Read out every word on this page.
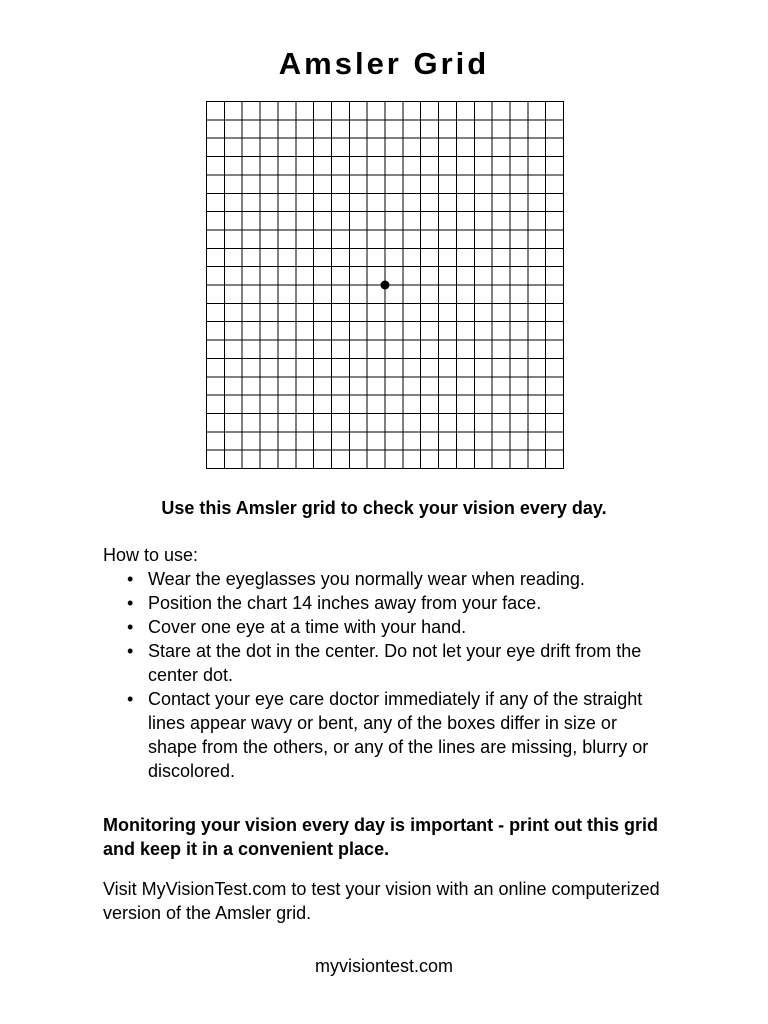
Amsler Grid

Use this Amsler grid to check your vision every day.

How to use:

• Wear the eyeglasses you normally wear when reading.
• Position the chart 14 inches away from your face.
• Cover one eye at a time with your hand.
• Stare at the dot in the center. Do not let your eye drift from the center dot.
• Contact your eye care doctor immediately if any of the straight lines appear wavy or bent, any of the boxes differ in size or shape from the others, or any of the lines are missing, blurry or discolored.

Monitoring your vision every day is important - print out this grid and keep it in a convenient place.

Visit MyVisionTest.com to test your vision with an online computerized version of the Amsler grid.

myvisiontest.com
